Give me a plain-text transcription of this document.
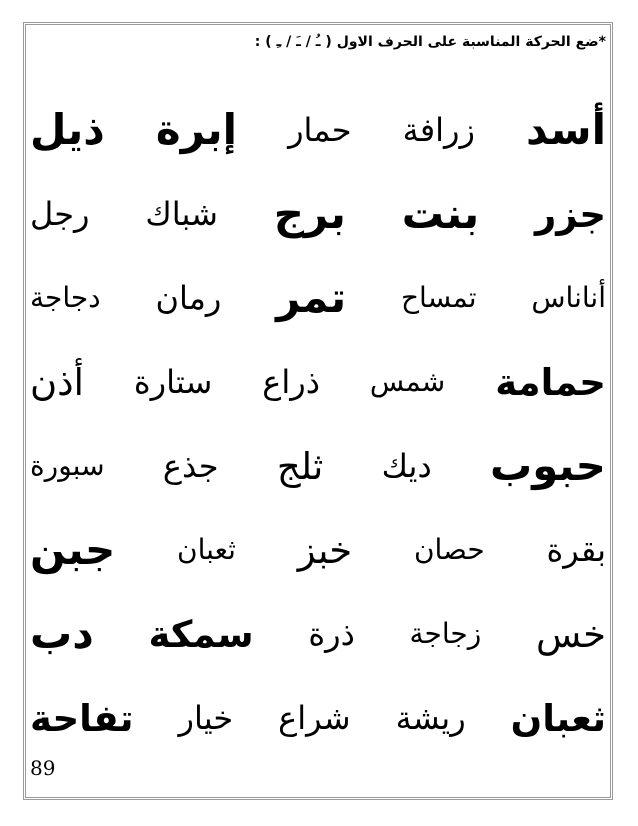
*ضع الحركة المناسبة على الحرف الاول ( ـُ / ـَ / ـِ ) :
أسد
زرافة
حمار
إبرة
ذيل
جزر
بنت
برج
شباك
رجل
أناناس
تمساح
تمر
رمان
دجاجة
حمامة
شمس
ذراع
ستارة
أذن
حبوب
ديك
ثلج
جذع
سبورة
بقرة
حصان
خبز
ثعبان
جبن
خس
زجاجة
ذرة
سمكة
دب
ثعبان
ريشة
شراع
خيار
تفاحة
89
